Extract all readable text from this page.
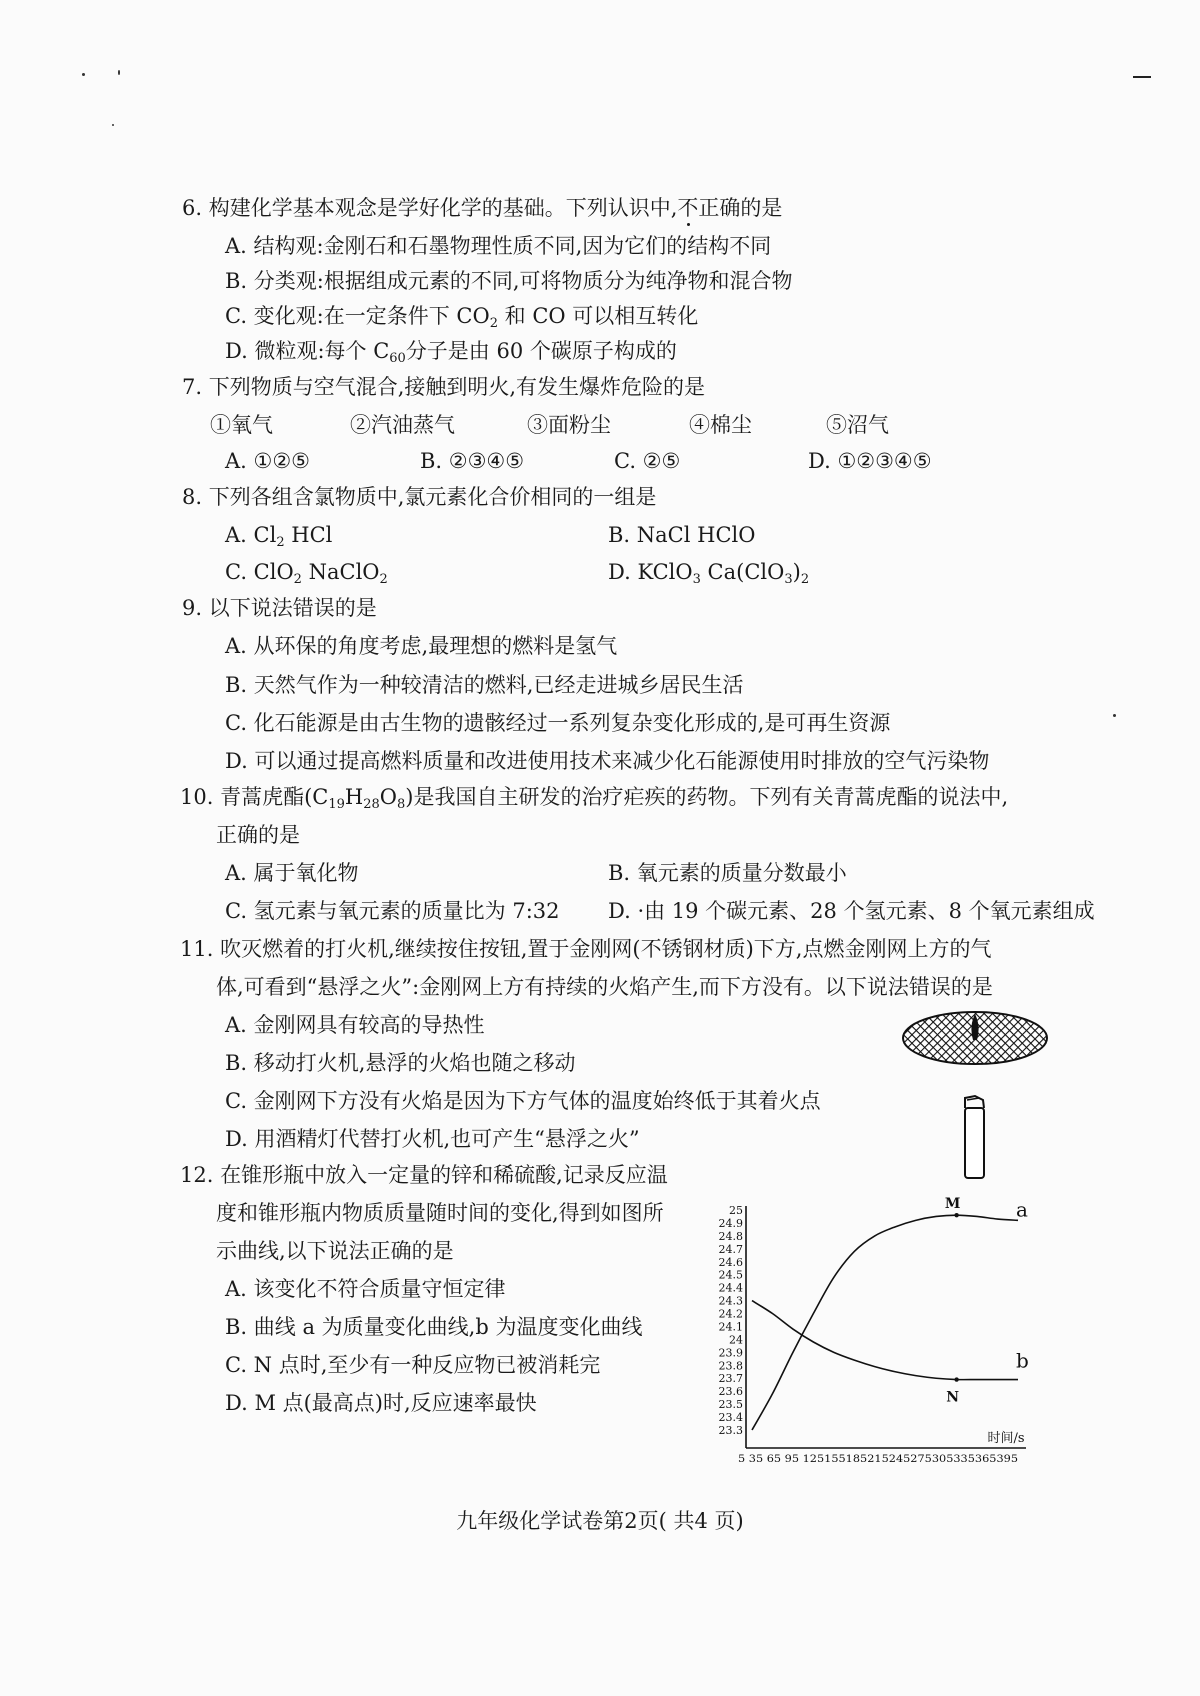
6. 构建化学基本观念是学好化学的基础。下列认识中,不正确的是
A. 结构观:金刚石和石墨物理性质不同,因为它们的结构不同
B. 分类观:根据组成元素的不同,可将物质分为纯净物和混合物
C. 变化观:在一定条件下 $CO_2$ 和 CO 可以相互转化
D. 微粒观:每个 $C_{60}$分子是由 60 个碳原子构成的
7. 下列物质与空气混合,接触到明火,有发生爆炸危险的是
①氧气	②汽油蒸气	③面粉尘	④棉尘	⑤沼气
A. ①②⑤	B. ②③④⑤	C. ②⑤	D. ①②③④⑤
8. 下列各组含氯物质中,氯元素化合价相同的一组是
A. $Cl_2$ HCl	B. NaCl HClO
C. ClO$_2$ NaClO$_2$	D. KClO$_3$ $Ca(ClO_3)_2$
9. 以下说法错误的是
A. 从环保的角度考虑,最理想的燃料是氢气
B. 天然气作为一种较清洁的燃料,已经走进城乡居民生活
C. 化石能源是由古生物的遗骸经过一系列复杂变化形成的,是可再生资源
D. 可以通过提高燃料质量和改进使用技术来减少化石能源使用时排放的空气污染物
10. 青蒿虎酯$(C_{19}H_{28}O_8)$是我国自主研发的治疗疟疾的药物。下列有关青蒿虎酯的说法中,
正确的是
A. 属于氧化物	B. 氧元素的质量分数最小
C. 氢元素与氧元素的质量比为 7:32 D. ·由 19 个碳元素、28 个氢元素、8 个氧元素组成
11. 吹灭燃着的打火机,继续按住按钮,置于金刚网(不锈钢材质)下方,点燃金刚网上方的气
体,可看到“悬浮之火”:金刚网上方有持续的火焰产生,而下方没有。以下说法错误的是
A. 金刚网具有较高的导热性
B. 移动打火机,悬浮的火焰也随之移动
C. 金刚网下方没有火焰是因为下方气体的温度始终低于其着火点
D. 用酒精灯代替打火机,也可产生“悬浮之火”
12. 在锥形瓶中放入一定量的锌和稀硫酸,记录反应温
度和锥形瓶内物质质量随时间的变化,得到如图所
示曲线,以下说法正确的是
A. 该变化不符合质量守恒定律
B. 曲线 a 为质量变化曲线,b 为温度变化曲线
C. N 点时,至少有一种反应物已被消耗完
D. M 点(最高点)时,反应速率最快
25
24.9
24.8
24.7
24.6
24.5
24.4
24.3
24.2
24.1
24
23.9
23.8
23.7
23.6
23.5
23.4
23.3
5 35 65 95 125155185215245275305335365395
时间/s
a
b
M
N
九年级化学试卷第2页( 共4 页)
